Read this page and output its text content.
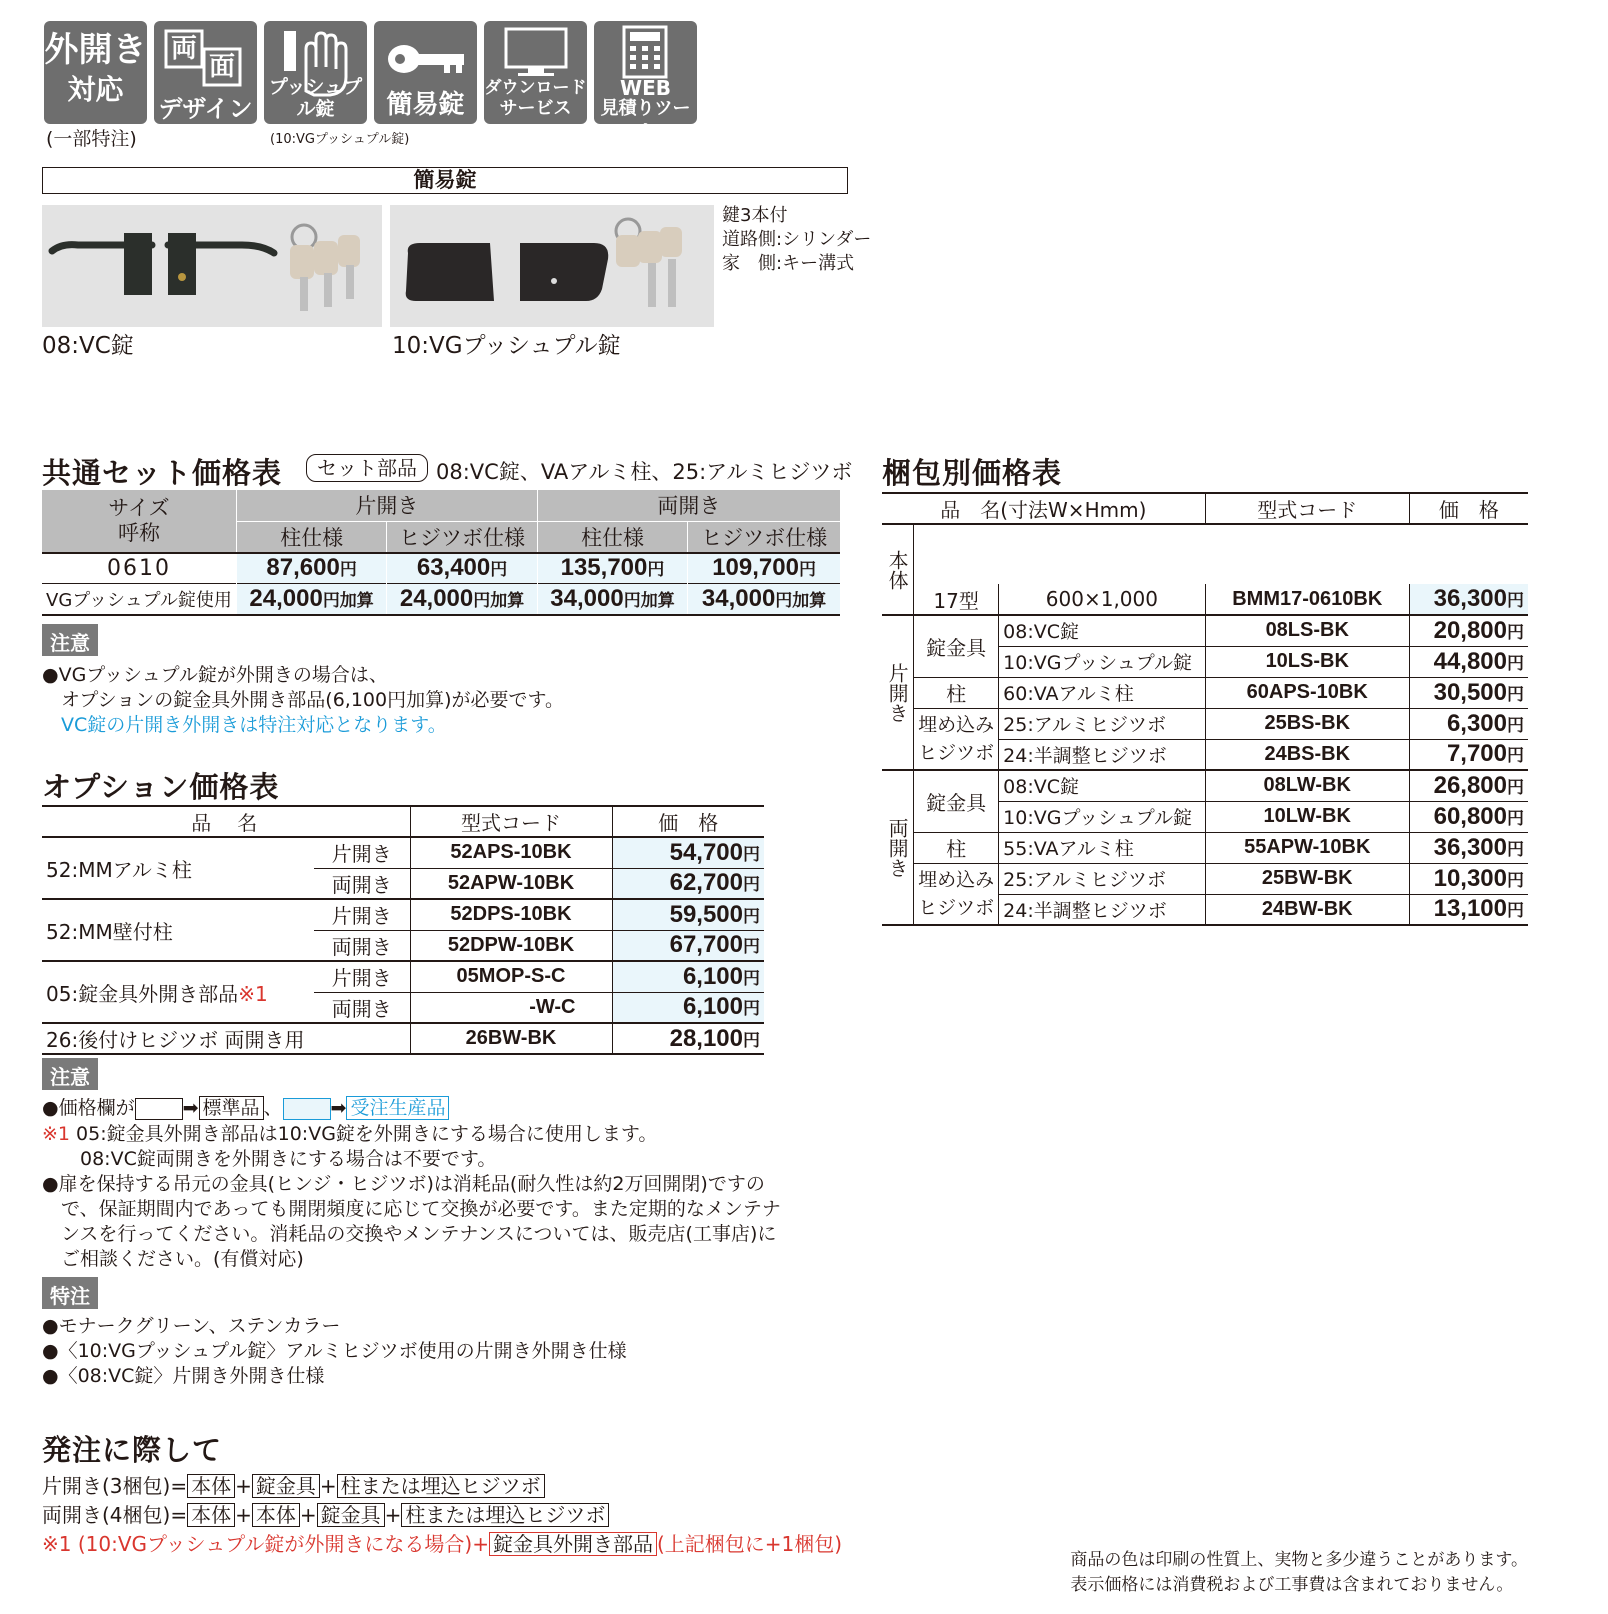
外開き
対応
両
面
デザイン
プッシュプル錠	簡易錠
ダウンロード
サービス
WEB
見積りツール
(一部特注)	(10:VGプッシュプル錠)
簡易錠
鍵3本付
道路側:シリンダー
家　側:キー溝式
08:VC錠	10:VGプッシュプル錠
共通セット価格表	セット部品 08:VC錠、VAアルミ柱、25:アルミヒジツボ
サイズ
呼称	片開き		両開き	
	柱仕様	ヒジツボ仕様	柱仕様	ヒジツボ仕様
0610	87,600円	63,400円	135,700円	109,700円
VGプッシュプル錠使用	24,000円加算	24,000円加算	34,000円加算	34,000円加算
注意
●VGプッシュプル錠が外開きの場合は、
　オプションの錠金具外開き部品(6,100円加算)が必要です。
　VC錠の片開き外開きは特注対応となります。
オプション価格表
品　名		型式コード	価　格
52:MMアルミ柱	片開き	52APS-10BK	54,700円
	両開き	52APW-10BK	62,700円
52:MM壁付柱	片開き	52DPS-10BK	59,500円
	両開き	52DPW-10BK	67,700円
05:錠金具外開き部品※1	片開き	05MOP-S-C	6,100円
	両開き	-W-C	6,100円
26:後付けヒジツボ 両開き用		26BW-BK	28,100円
注意
●価格欄が	➡ 標準品 、	➡ 受注生産品
※1 05:錠金具外開き部品は10:VG錠を外開きにする場合に使用します。
　　08:VC錠両開きを外開きにする場合は不要です。
●扉を保持する吊元の金具(ヒンジ・ヒジツボ)は消耗品(耐久性は約2万回開閉)ですの
　で、保証期間内であっても開閉頻度に応じて交換が必要です。また定期的なメンテナ
　ンスを行ってください。消耗品の交換やメンテナンスについては、販売店(工事店)に
　ご相談ください。(有償対応)
特注
●モナークグリーン、ステンカラー
●〈10:VGプッシュプル錠〉アルミヒジツボ使用の片開き外開き仕様
●〈08:VC錠〉片開き外開き仕様
発注に際して
片開き(3梱包)= 本体 + 錠金具 + 柱または埋込ヒジツボ
両開き(4梱包)= 本体 + 本体 + 錠金具 + 柱または埋込ヒジツボ
※1 (10:VGプッシュプル錠が外開きになる場合)+ 錠金具外開き部品 (上記梱包に+1梱包)
梱包別価格表
品　名(寸法W×Hmm)			型式コード	価　格
本体				
	17型	600×1,000	BMM17-0610BK	36,300円
片開き	錠金具	08:VC錠	08LS-BK	20,800円
		10:VGプッシュプル錠	10LS-BK	44,800円
	柱	60:VAアルミ柱	60APS-10BK	30,500円
	埋め込み
ヒジツボ	25:アルミヒジツボ	25BS-BK	6,300円
		24:半調整ヒジツボ	24BS-BK	7,700円
両開き	錠金具	08:VC錠	08LW-BK	26,800円
		10:VGプッシュプル錠	10LW-BK	60,800円
	柱	55:VAアルミ柱	55APW-10BK	36,300円
	埋め込み
ヒジツボ	25:アルミヒジツボ	25BW-BK	10,300円
		24:半調整ヒジツボ	24BW-BK	13,100円
商品の色は印刷の性質上、実物と多少違うことがあります。
表示価格には消費税および工事費は含まれておりません。
